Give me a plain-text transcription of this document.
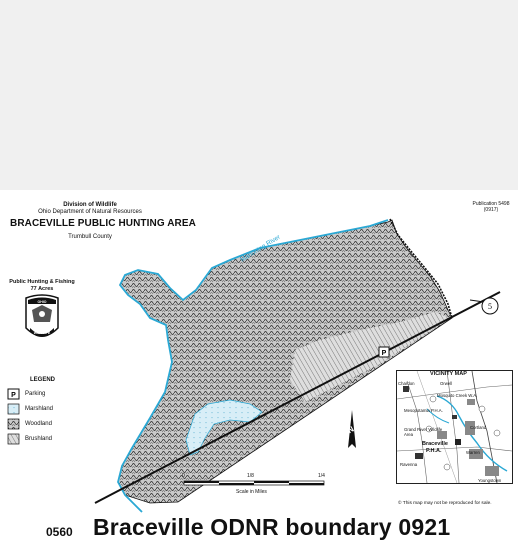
Division of Wildlife
Ohio Department of Natural Resources
BRACEVILLE PUBLIC HUNTING AREA
Trumbull County
Publication 5498
(0917)
Public Hunting & Fishing
77 Acres
5
P
Mahoning River
N
OHIO
WILDLIFE
P
LEGEND
Parking
Marshland
Woodland
Brushland
0	1/8	1/4
Scale in Miles
VICINITY MAP
Chardon	Orwell
Mosquito Creek W.A.
Mesopotamia P.H.A.
Cortland
Grand River Wildlife Area
Braceville
P.H.A.	Warren
Ravenna
Youngstown
© This map may not be reproduced for sale.
0560 Braceville ODNR boundary 0921
